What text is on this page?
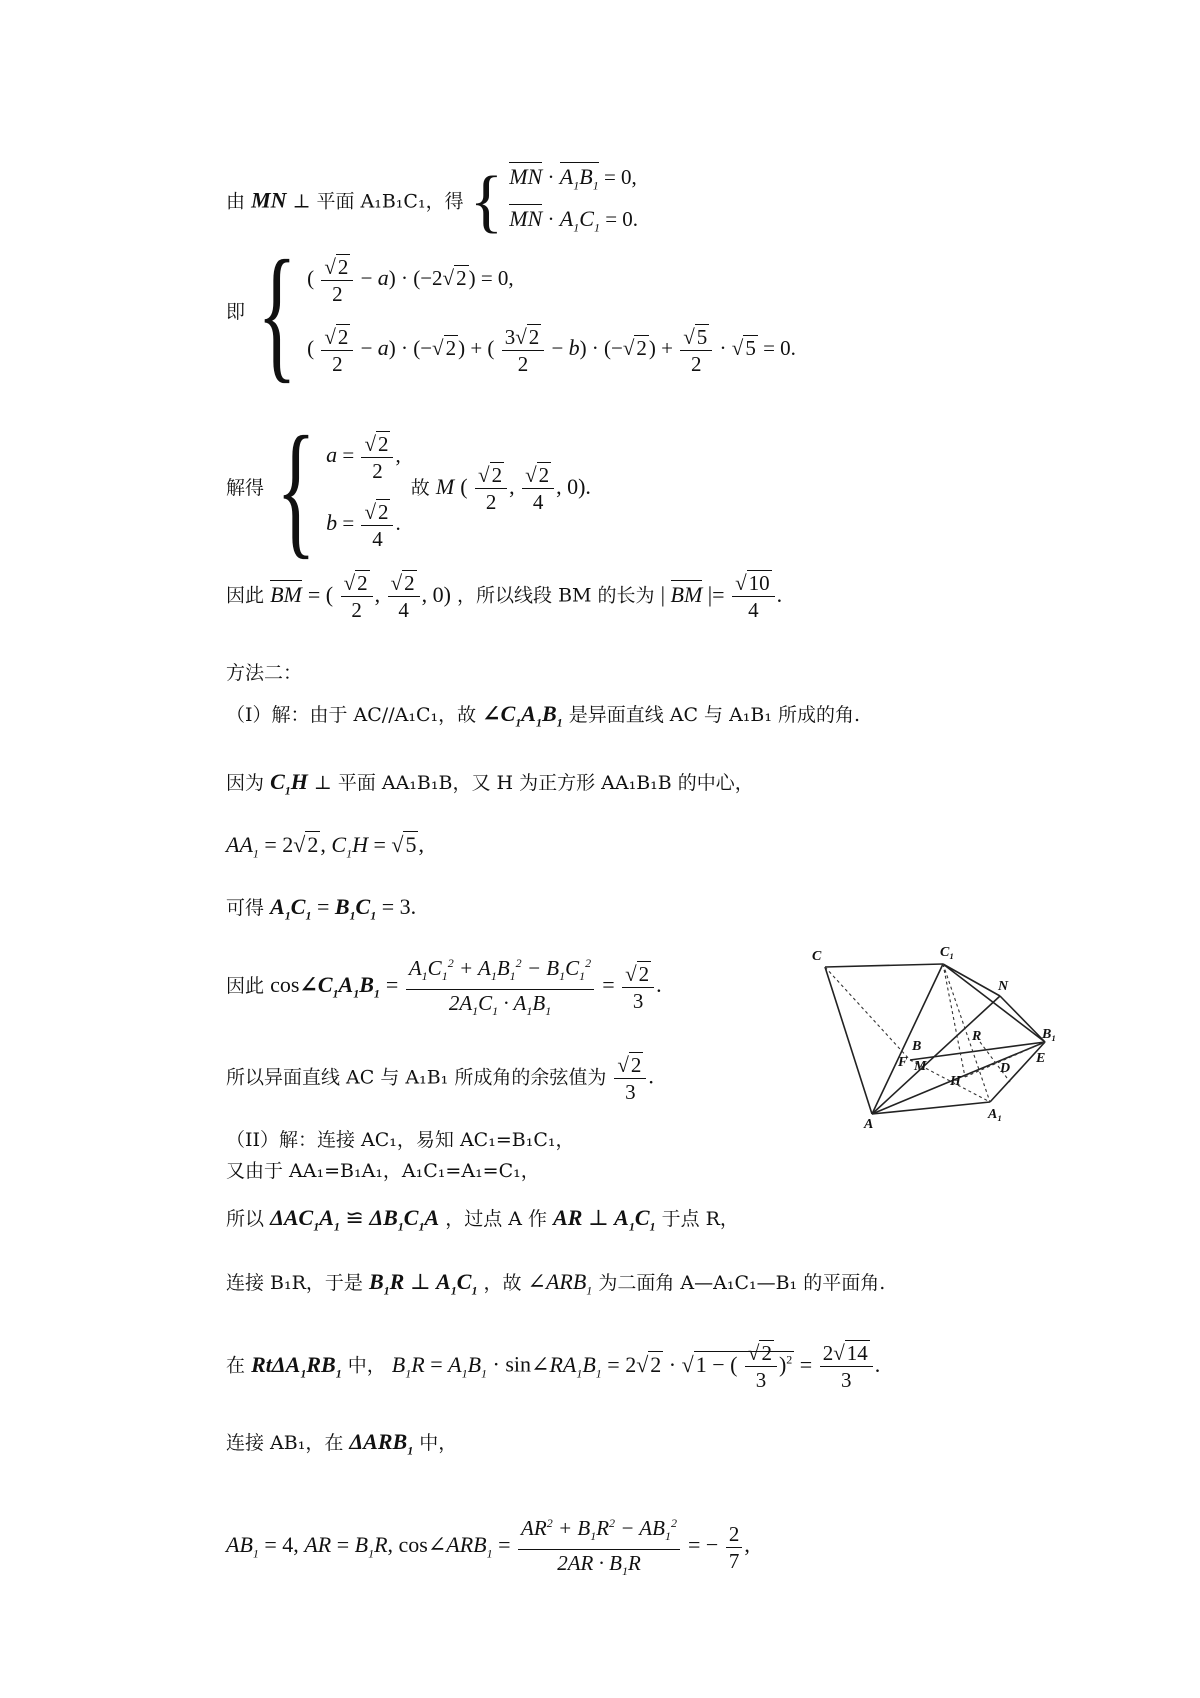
由 MN ⊥ 平面 A₁B₁C₁，得 { MN · $A_1B_1 = 0$,
MN · $A_1C_1 = 0$.
即 { ( $\frac{√2}{2} - a) \cdot (-2√2) = 0$,
( $\frac{√2}{2} - a) \cdot (-√2)$ + ( $\frac{3√2}{2} - b) \cdot (-√2) + \frac{√5}{2} \cdot √5 = 0$.
解得 { $a = \frac{√2}{2}$ ,
$b = \frac{√2}{4}$ .
故 M ( $\frac{√2}{2}$ , $\frac{√2}{4}$ , 0).
因此 BM = ( $\frac{√2}{2}$ , $\frac{√2}{4}$ , 0) ，所以线段 BM 的长为 | BM |= $\frac{√10}{4}$ .
方法二：
（I）解：由于 AC//A₁C₁，故 $\angle C_1A_1B_1$ 是异面直线 AC 与 A₁B₁ 所成的角.
因为 $C_1H$ ⊥ 平面 AA₁B₁B，又 H 为正方形 AA₁B₁B 的中心，
$AA_1 = 2√2$, $C_1H = √5$,
可得 $A_1C_1 = B_1C_1 = 3$.
因此 $\cos\angle C_1A_1B_1 = \frac{A_1C_1^2 + A_1B_1^2 - B_1C_1^2}{2A_1C_1 \cdot A_1B_1} = \frac{√2}{3}$ .
所以异面直线 AC 与 A₁B₁ 所成角的余弦值为 $\frac{√2}{3}$ .
（II）解：连接 AC₁，易知 AC₁=B₁C₁，
又由于 AA₁=B₁A₁，A₁C₁=A₁=C₁，
所以 $\Delta AC_1A_1$ ≌ $\Delta B_1C_1A$ ，过点 A 作 AR ⊥ $A_1C_1$ 于点 R，
连接 B₁R，于是 $B_1R$ ⊥ $A_1C_1$ ，故 $\angle ARB_1$ 为二面角 A—A₁C₁—B₁ 的平面角.
在 $Rt\Delta A_1RB_1$ 中， $B_1R = A_1B_1$ · $\sin\angle RA_1B_1 = 2√2 \cdot √1$ − ( $\frac{√2}{3} )^2 = \frac{2√14}{3}$ .
连接 AB₁，在 $\Delta ARB_1$ 中，
$AB_1 = 4$, AR = $B_1R$, $\cos\angle ARB_1 = \frac{AR^2 + B_1R^2 - AB_1^2}{2AR \cdot B_1R}$ = − $\frac{2}{7}$ ,
C	C₁
N
B
R	B₁
F M
H
D
E
A
A₁
